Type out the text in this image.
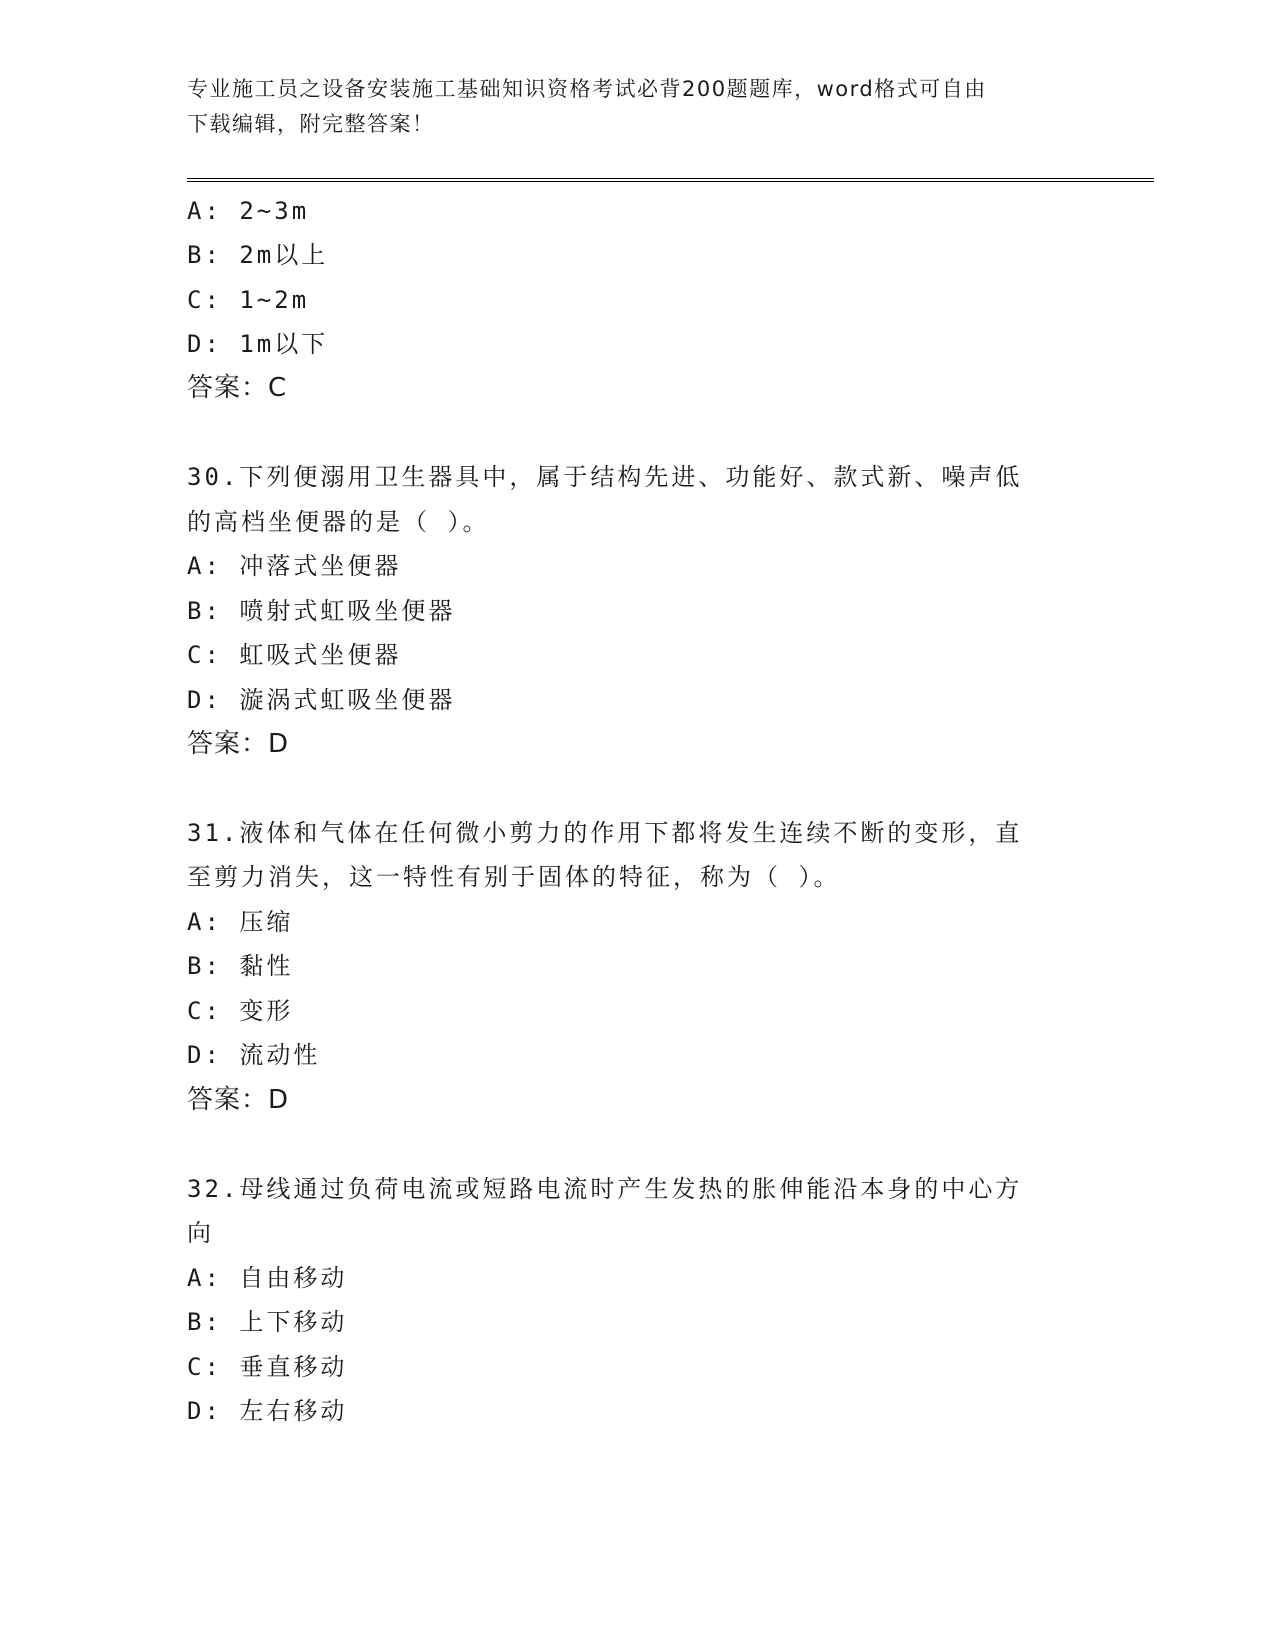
专业施工员之设备安装施工基础知识资格考试必背200题题库，word格式可自由
下载编辑，附完整答案！
A: 2~3m
B: 2m以上
C: 1~2m
D: 1m以下
答案：C
30.下列便溺用卫生器具中，属于结构先进、功能好、款式新、噪声低
的高档坐便器的是（ ）。
A: 冲落式坐便器
B: 喷射式虹吸坐便器
C: 虹吸式坐便器
D: 漩涡式虹吸坐便器
答案：D
31.液体和气体在任何微小剪力的作用下都将发生连续不断的变形，直
至剪力消失，这一特性有别于固体的特征，称为（ ）。
A: 压缩
B: 黏性
C: 变形
D: 流动性
答案：D
32.母线通过负荷电流或短路电流时产生发热的胀伸能沿本身的中心方
向
A: 自由移动
B: 上下移动
C: 垂直移动
D: 左右移动
